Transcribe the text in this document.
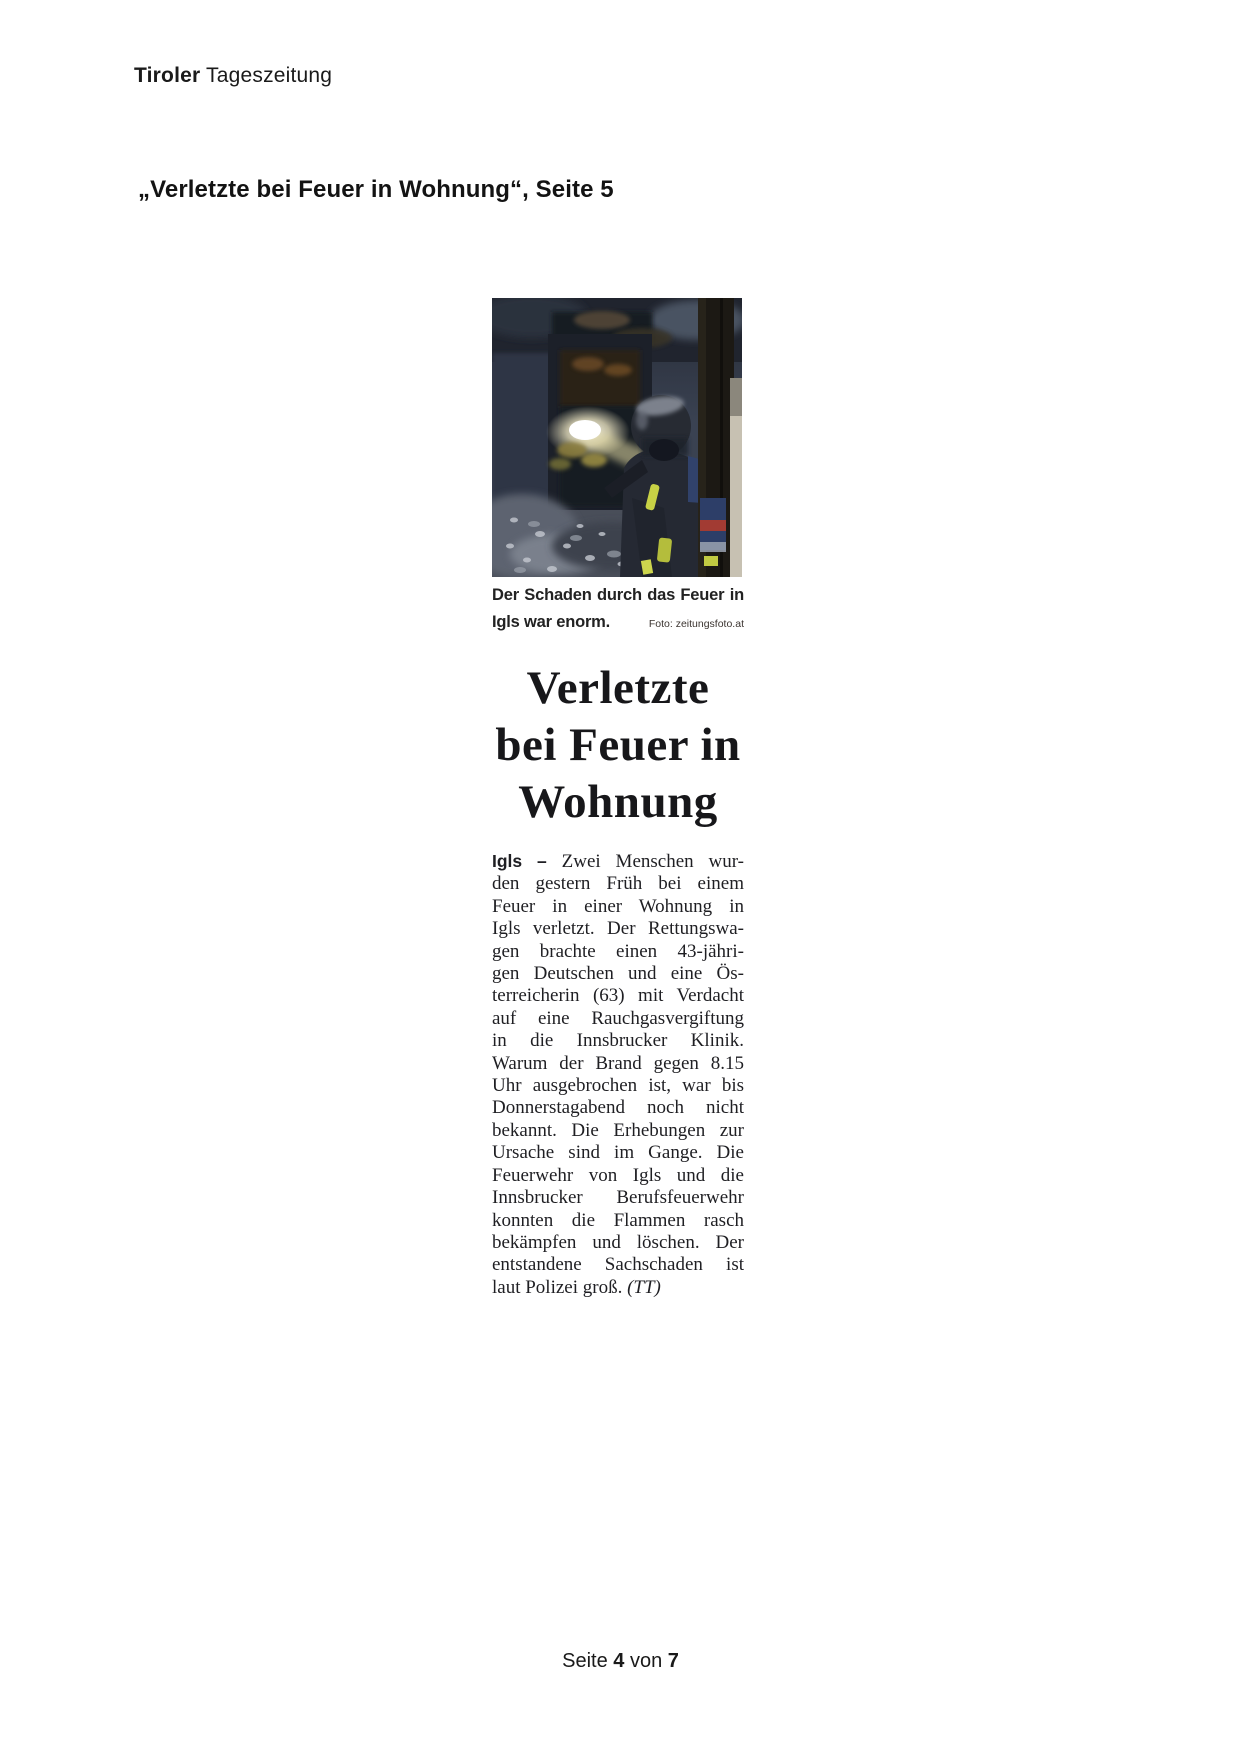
Tiroler Tageszeitung
„Verletzte bei Feuer in Wohnung“, Seite 5
Der Schaden durch das Feuer in
Igls war enorm.	Foto: zeitungsfoto.at
Verletzte
bei Feuer in
Wohnung
Igls – Zwei Menschen wur-
den gestern Früh bei einem
Feuer in einer Wohnung in
Igls verletzt. Der Rettungswa-
gen brachte einen 43-jähri-
gen Deutschen und eine Ös-
terreicherin (63) mit Verdacht
auf eine Rauchgasvergiftung
in die Innsbrucker Klinik.
Warum der Brand gegen 8.15
Uhr ausgebrochen ist, war bis
Donnerstagabend noch nicht
bekannt. Die Erhebungen zur
Ursache sind im Gange. Die
Feuerwehr von Igls und die
Innsbrucker Berufsfeuerwehr
konnten die Flammen rasch
bekämpfen und löschen. Der
entstandene Sachschaden ist
laut Polizei groß. (TT)
Seite 4 von 7
